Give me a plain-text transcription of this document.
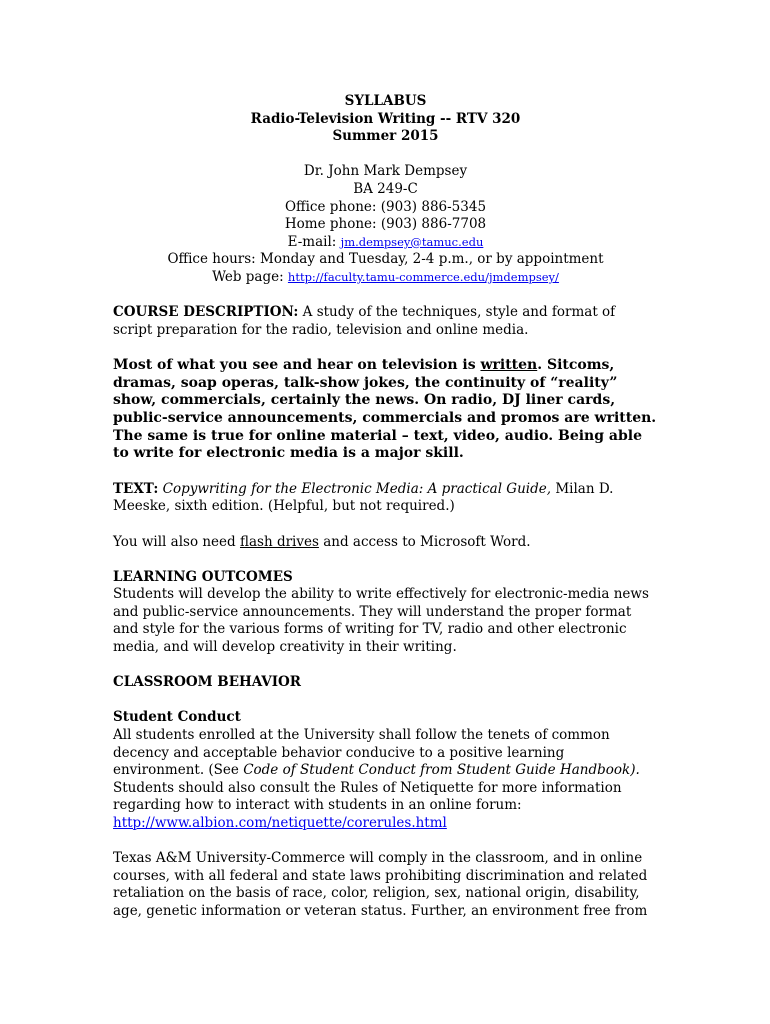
SYLLABUS
Radio-Television Writing -- RTV 320
Summer 2015
Dr. John Mark Dempsey
BA 249-C
Office phone: (903) 886-5345
Home phone: (903) 886-7708
E-mail: jm.dempsey@tamuc.edu
Office hours: Monday and Tuesday, 2-4 p.m., or by appointment
Web page: http://faculty.tamu-commerce.edu/jmdempsey/

COURSE DESCRIPTION: A study of the techniques, style and format of script preparation for the radio, television and online media.

Most of what you see and hear on television is written. Sitcoms, dramas, soap operas, talk-show jokes, the continuity of “reality” show, commercials, certainly the news. On radio, DJ liner cards, public-service announcements, commercials and promos are written. The same is true for online material – text, video, audio. Being able to write for electronic media is a major skill.

TEXT: Copywriting for the Electronic Media: A practical Guide, Milan D. Meeske, sixth edition. (Helpful, but not required.)

You will also need flash drives and access to Microsoft Word.

LEARNING OUTCOMES

Students will develop the ability to write effectively for electronic-media news and public-service announcements. They will understand the proper format and style for the various forms of writing for TV, radio and other electronic media, and will develop creativity in their writing.

CLASSROOM BEHAVIOR

Student Conduct

All students enrolled at the University shall follow the tenets of common decency and acceptable behavior conducive to a positive learning environment. (See Code of Student Conduct from Student Guide Handbook). Students should also consult the Rules of Netiquette for more information regarding how to interact with students in an online forum:
http://www.albion.com/netiquette/corerules.html

Texas A&M University-Commerce will comply in the classroom, and in online courses, with all federal and state laws prohibiting discrimination and related retaliation on the basis of race, color, religion, sex, national origin, disability, age, genetic information or veteran status. Further, an environment free from
